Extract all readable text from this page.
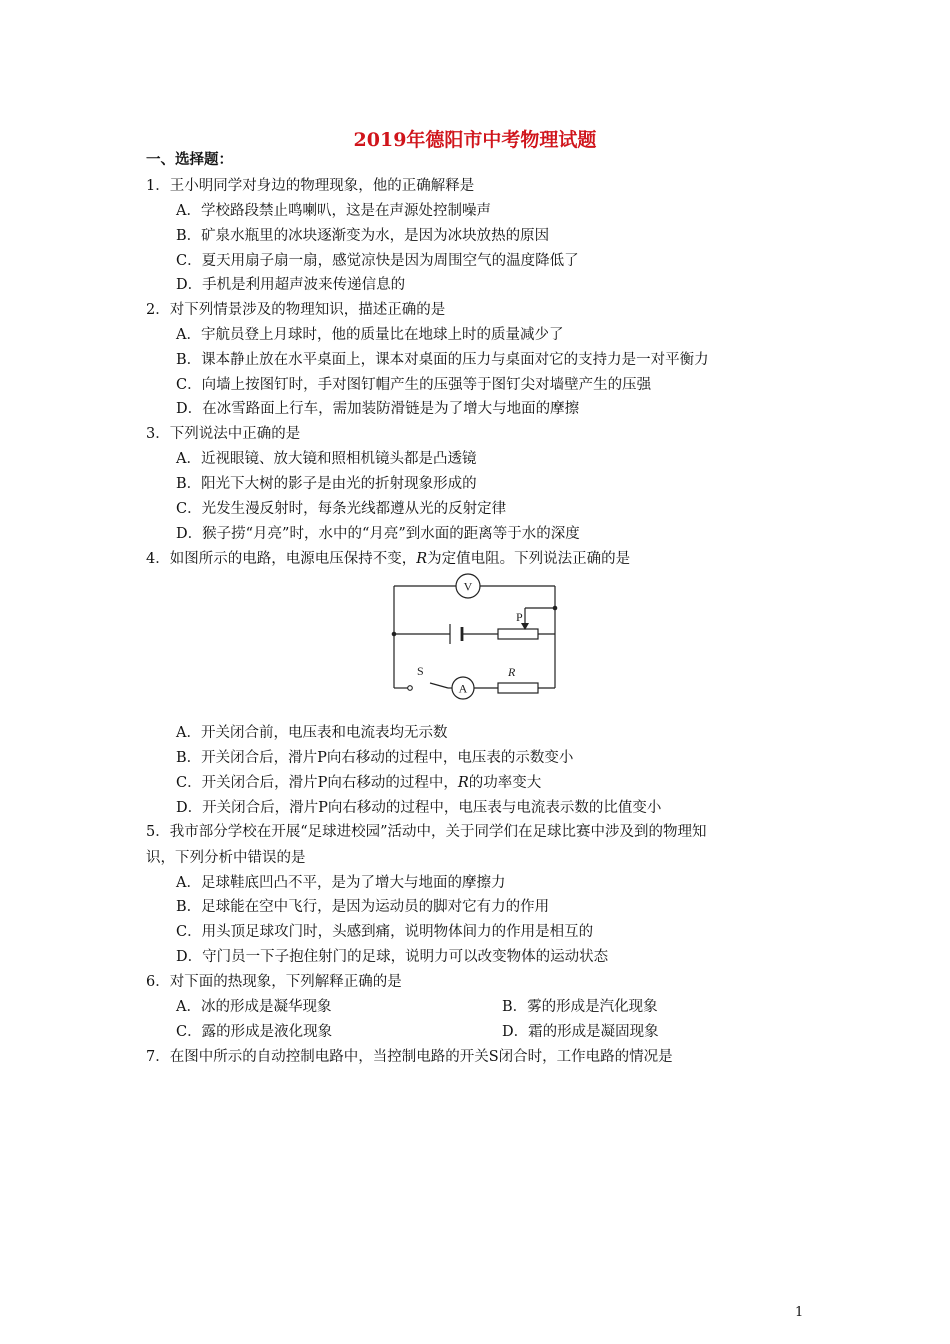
2019年德阳市中考物理试题
一、选择题：
1．王小明同学对身边的物理现象，他的正确解释是
A．学校路段禁止鸣喇叭，这是在声源处控制噪声
B．矿泉水瓶里的冰块逐渐变为水，是因为冰块放热的原因
C．夏天用扇子扇一扇，感觉凉快是因为周围空气的温度降低了
D．手机是利用超声波来传递信息的
2．对下列情景涉及的物理知识，描述正确的是
A．宇航员登上月球时，他的质量比在地球上时的质量减少了
B．课本静止放在水平桌面上，课本对桌面的压力与桌面对它的支持力是一对平衡力
C．向墙上按图钉时，手对图钉帽产生的压强等于图钉尖对墙壁产生的压强
D．在冰雪路面上行车，需加装防滑链是为了增大与地面的摩擦
3．下列说法中正确的是
A．近视眼镜、放大镜和照相机镜头都是凸透镜
B．阳光下大树的影子是由光的折射现象形成的
C．光发生漫反射时，每条光线都遵从光的反射定律
D．猴子捞“月亮”时，水中的“月亮”到水面的距离等于水的深度
4．如图所示的电路，电源电压保持不变，R为定值电阻。下列说法正确的是
V
P
S
A
R
A．开关闭合前，电压表和电流表均无示数
B．开关闭合后，滑片P向右移动的过程中，电压表的示数变小
C．开关闭合后，滑片P向右移动的过程中，R的功率变大
D．开关闭合后，滑片P向右移动的过程中，电压表与电流表示数的比值变小
5．我市部分学校在开展“足球进校园”活动中，关于同学们在足球比赛中涉及到的物理知
识，下列分析中错误的是
A．足球鞋底凹凸不平，是为了增大与地面的摩擦力
B．足球能在空中飞行，是因为运动员的脚对它有力的作用
C．用头顶足球攻门时，头感到痛，说明物体间力的作用是相互的
D．守门员一下子抱住射门的足球，说明力可以改变物体的运动状态
6．对下面的热现象，下列解释正确的是
A．冰的形成是凝华现象	B．雾的形成是汽化现象
C．露的形成是液化现象	D．霜的形成是凝固现象
7．在图中所示的自动控制电路中，当控制电路的开关S闭合时，工作电路的情况是
1
